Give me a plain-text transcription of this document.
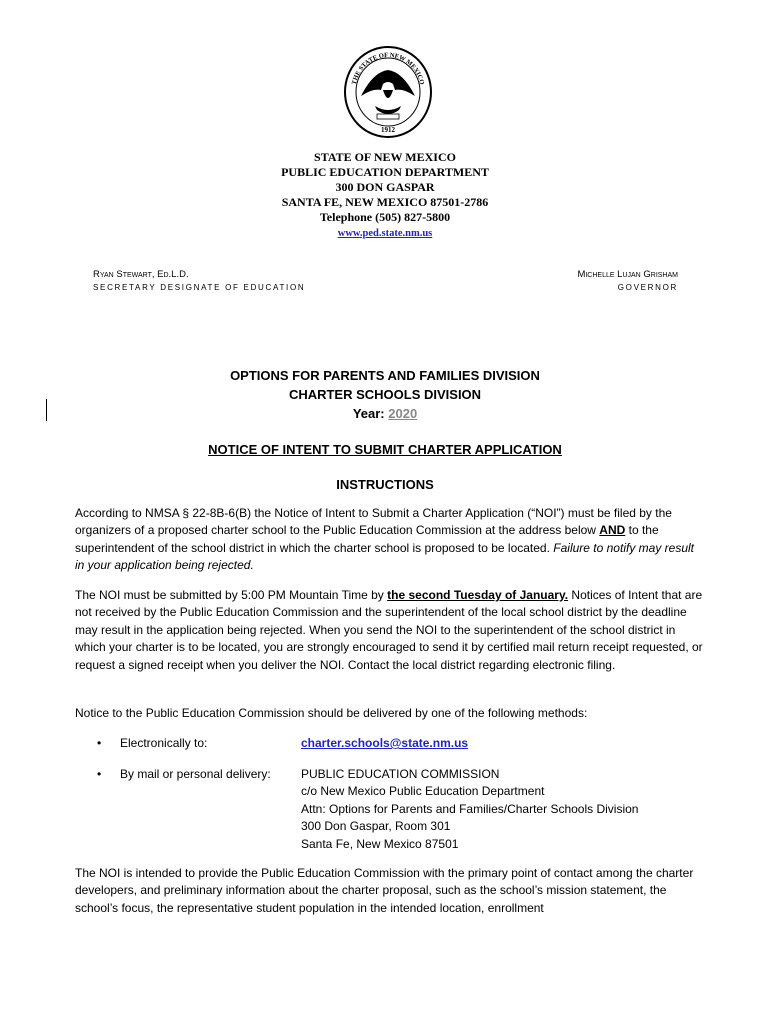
1912
THE STATE OF NEW MEXICO
STATE OF NEW MEXICO
PUBLIC EDUCATION DEPARTMENT
300 DON GASPAR
SANTA FE, NEW MEXICO 87501-2786
Telephone (505) 827-5800
www.ped.state.nm.us
Ryan Stewart, Ed.L.D.
SECRETARY DESIGNATE OF EDUCATION
Michelle Lujan Grisham
GOVERNOR
OPTIONS FOR PARENTS AND FAMILIES DIVISION
CHARTER SCHOOLS DIVISION
Year: 2020
NOTICE OF INTENT TO SUBMIT CHARTER APPLICATION
INSTRUCTIONS

According to NMSA § 22-8B-6(B) the Notice of Intent to Submit a Charter Application (“NOI”) must be filed by the organizers of a proposed charter school to the Public Education Commission at the address below AND to the superintendent of the school district in which the charter school is proposed to be located. Failure to notify may result in your application being rejected.

The NOI must be submitted by 5:00 PM Mountain Time by the second Tuesday of January. Notices of Intent that are not received by the Public Education Commission and the superintendent of the local school district by the deadline may result in the application being rejected. When you send the NOI to the superintendent of the school district in which your charter is to be located, you are strongly encouraged to send it by certified mail return receipt requested, or request a signed receipt when you deliver the NOI. Contact the local district regarding electronic filing.

Notice to the Public Education Commission should be delivered by one of the following methods:
• Electronically to:	charter.schools@state.nm.us
• By mail or personal delivery:	PUBLIC EDUCATION COMMISSION
c/o New Mexico Public Education Department
Attn: Options for Parents and Families/Charter Schools Division
300 Don Gaspar, Room 301
Santa Fe, New Mexico 87501
The NOI is intended to provide the Public Education Commission with the primary point of contact among the charter developers, and preliminary information about the charter proposal, such as the school’s mission statement, the school’s focus, the representative student population in the intended location, enrollment
